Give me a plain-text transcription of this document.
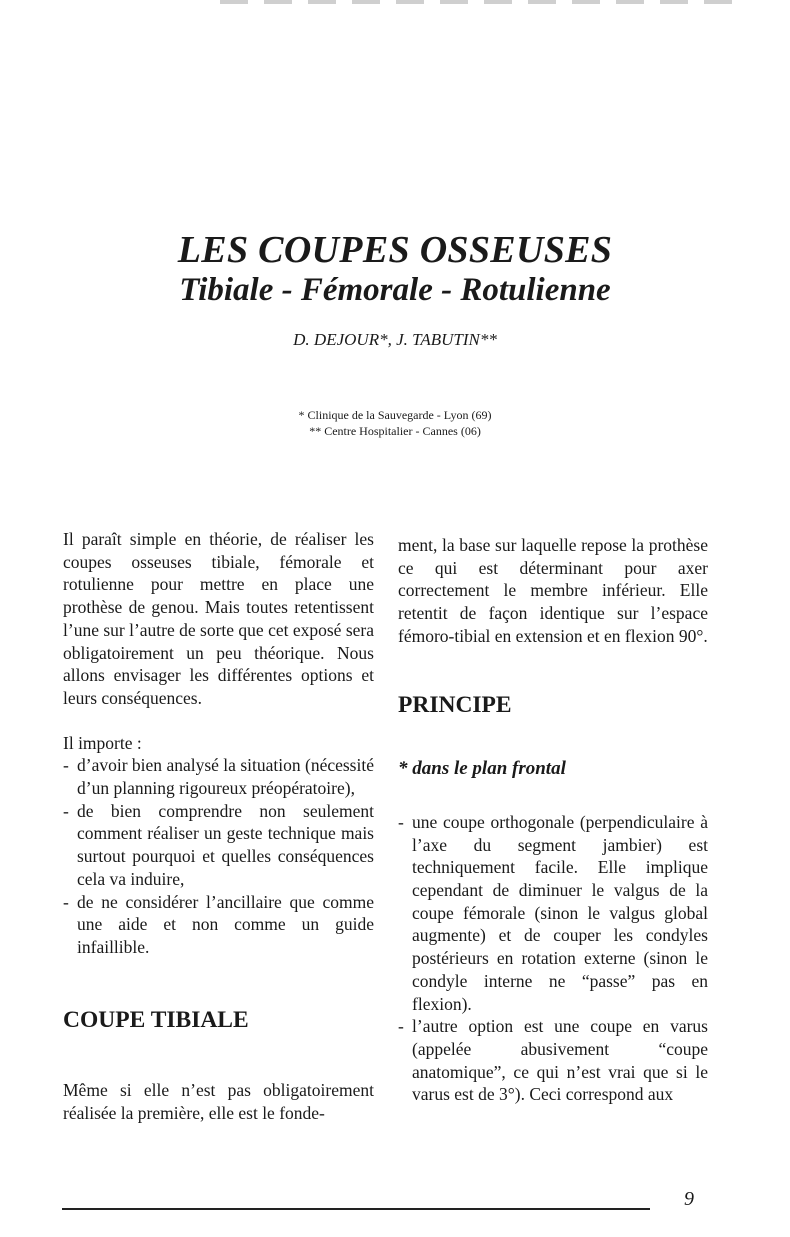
LES COUPES OSSEUSES
Tibiale - Fémorale - Rotulienne
D. DEJOUR*, J. TABUTIN**
* Clinique de la Sauvegarde - Lyon (69)
** Centre Hospitalier - Cannes (06)

Il paraît simple en théorie, de réaliser les coupes osseuses tibiale, fémorale et rotulienne pour mettre en place une prothèse de genou. Mais toutes retentissent l’une sur l’autre de sorte que cet exposé sera obligatoirement un peu théorique. Nous allons envisager les différentes options et leurs conséquences.

Il importe :

- d’avoir bien analysé la situation (nécessité d’un planning rigoureux préopératoire),
- de bien comprendre non seulement comment réaliser un geste technique mais surtout pourquoi et quelles conséquences cela va induire,
- de ne considérer l’ancillaire que comme une aide et non comme un guide infaillible.
COUPE TIBIALE

Même si elle n’est pas obligatoirement réalisée la première, elle est le fonde-

ment, la base sur laquelle repose la prothèse ce qui est déterminant pour axer correctement le membre inférieur. Elle retentit de façon identique sur l’espace fémoro-tibial en extension et en flexion 90°.

PRINCIPE
* dans le plan frontal
- une coupe orthogonale (perpendiculaire à l’axe du segment jambier) est techniquement facile. Elle implique cependant de diminuer le valgus de la coupe fémorale (sinon le valgus global augmente) et de couper les condyles postérieurs en rotation externe (sinon le condyle interne ne “passe” pas en flexion).
- l’autre option est une coupe en varus (appelée abusivement “coupe anatomique”, ce qui n’est vrai que si le varus est de 3°). Ceci correspond aux
9
